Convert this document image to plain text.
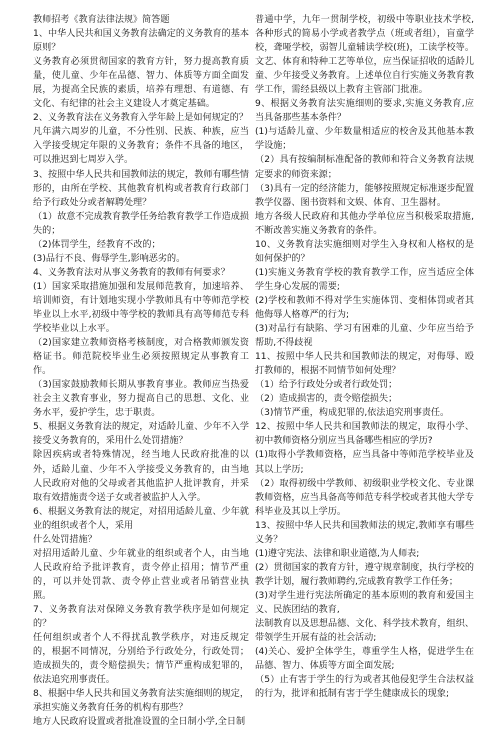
教师招考《教育法律法规》简答题

1、中华人民共和国义务教育法确定的义务教育的基本原则？

义务教育必须贯彻国家的教育方针，努力提高教育质量，使儿童、少年在品德、智力、体质等方面全面发展，为提高全民族的素质，培养有理想、有道德、有文化、有纪律的社会主义建设人才奠定基础。

2、义务教育法在义务教育入学年龄上是如何规定的？

凡年满六周岁的儿童，不分性别、民族、种族，应当入学接受规定年限的义务教育；条件不具备的地区，可以推迟到七周岁入学。

3、按照中华人民共和国教师法的规定，教师有哪些情形的，由所在学校、其他教育机构或者教育行政部门给予行政处分或者解聘处理？

（1）故意不完成教育教学任务给教育教学工作造成损失的；

（2)体罚学生，经教育不改的；

(3)品行不良、侮辱学生,影响恶劣的。

4、义务教育法对从事义务教育的教师有何要求？

(1）国家采取措施加强和发展师范教育，加速培养、培训师资，有计划地实现小学教师具有中等师范学校毕业以上水平,初级中等学校的教师具有高等师范专科学校毕业以上水平。

（2)国家建立教师资格考核制度，对合格教师颁发资格证书。师范院校毕业生必须按照规定从事教育工作。

（3)国家鼓励教师长期从事教育事业。教师应当热爱社会主义教育事业，努力提高自己的思想、文化、业务水平，爱护学生，忠于职责。

5、根据义务教育法的规定，对适龄儿童、少年不入学接受义务教育的，采用什么处罚措施？

除因疾病或者特殊情况，经当地人民政府批准的以外，适龄儿童、少年不入学接受义务教育的，由当地人民政府对他的父母或者其他监护人批评教育，并采取有效措施责令送子女或者被监护人入学。

6、根据义务教育法的规定，对招用适龄儿童、少年就业的组织或者个人，采用

什么处罚措施？

对招用适龄儿童、少年就业的组织或者个人，由当地人民政府给予批评教育，责令停止招用；情节严重的，可以并处罚款、责令停止营业或者吊销营业执照。

7、义务教育法对保障义务教育教学秩序是如何规定的？

任何组织或者个人不得扰乱教学秩序，对违反规定的，根据不同情况，分别给予行政处分，行政处罚；造成损失的，责令赔偿损失；情节严重构成犯罪的，依法追究刑事责任。

8、根据中华人民共和国义务教育法实施细则的规定，承担实施义务教育任务的机构有那些？

地方人民政府设置或者批准设置的全日制小学,全日制

普通中学，九年一贯制学校，初级中等职业技术学校,各种形式的简易小学或者教学点（班或者组），盲童学校，聋哑学校，弱智儿童辅读学校(班)，工读学校等。文艺、体育和特种工艺等单位，应当保证招收的适龄儿童、少年接受义务教育。上述单位自行实施义务教育教学工作，需经县级以上教育主管部门批准。

9、根据义务教育法实施细则的要求,实施义务教育,应当具备那些基本条件？

(1)与适龄儿童、少年数量相适应的校舍及其他基本教学设施；

（2）具有按编制标准配备的教师和符合义务教育法规定要求的师资来源；

（3)具有一定的经济能力，能够按照规定标准逐步配置教学仪器、图书资料和文娱、体育、卫生器材。

地方各级人民政府和其他办学单位应当积极采取措施,不断改善实施义务教育的条件。

10、义务教育法实施细则对学生入身权和人格权的是如何保护的？

(1)实施义务教育学校的教育教学工作，应当适应全体学生身心发展的需要;

(2)学校和教师不得对学生实施体罚、变相体罚或者其他侮辱人格尊严的行为;

(3)对品行有缺陷、学习有困难的儿童、少年应当给予帮助,不得歧视

11、按照中华人民共和国教师法的规定，对侮辱、殴打教师的，根据不同情节如何处理？

（1）给予行政处分或者行政处罚；

（2）造成损害的，责令赔偿损失；

（3)情节严重，构成犯罪的,依法追究刑事责任。

12、按照中华人民共和国教师法的规定，取得小学、初中教师资格分别应当具备哪些相应的学历?

(1)取得小学教师资格，应当具备中等师范学校毕业及其以上学历;

（2）取得初级中学教师、初级职业学校文化、专业课教师资格，应当具备高等师范专科学校或者其他大学专科毕业及其以上学历。

13、按照中华人民共和国教师法的规定,教师享有哪些义务？

(1)遵守宪法、法律和职业道德,为人师表;

(2）贯彻国家的教育方针，遵守规章制度，执行学校的教学计划，履行教师聘约,完成教育教学工作任务；

(3)对学生进行宪法所确定的基本原则的教育和爱国主义、民族团结的教育,

法制教育以及思想品德、文化、科学技术教育，组织、带领学生开展有益的社会活动;

(4)关心、爱护全体学生，尊重学生人格，促进学生在品德、智力、体质等方面全面发展;

（5）止有害于学生的行为或者其他侵犯学生合法权益的行为，批评和抵制有害于学生健康成长的现象;
